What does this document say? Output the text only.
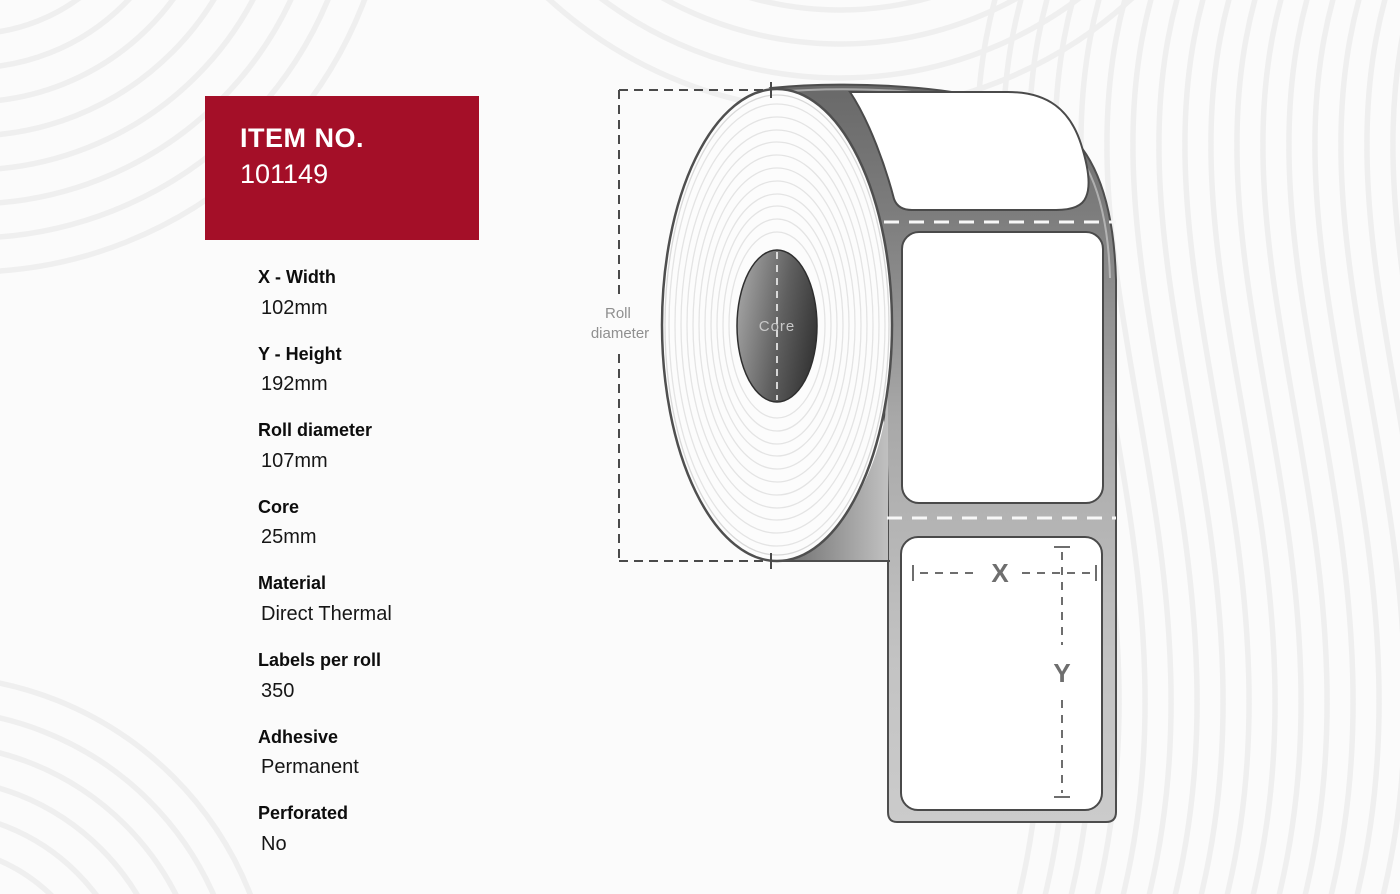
Core
X
Y
Roll diameter
ITEM NO.
101149
X - Width
102mm
Y - Height
192mm
Roll diameter
107mm
Core
25mm
Material
Direct Thermal
Labels per roll
350
Adhesive
Permanent
Perforated
No
